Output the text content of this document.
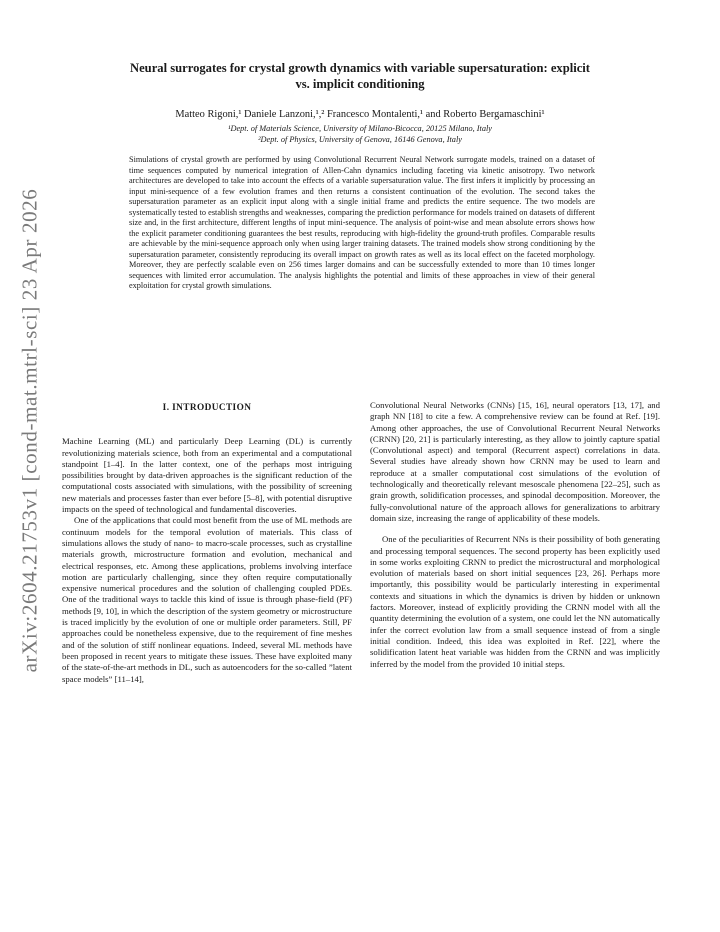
arXiv:2604.21753v1 [cond-mat.mtrl-sci] 23 Apr 2026
Neural surrogates for crystal growth dynamics with variable supersaturation: explicit
vs. implicit conditioning
Matteo Rigoni,¹ Daniele Lanzoni,¹,² Francesco Montalenti,¹ and Roberto Bergamaschini¹
¹Dept. of Materials Science, University of Milano-Bicocca, 20125 Milano, Italy
²Dept. of Physics, University of Genova, 16146 Genova, Italy

Simulations of crystal growth are performed by using Convolutional Recurrent Neural Network surrogate models, trained on a dataset of time sequences computed by numerical integration of Allen-Cahn dynamics including faceting via kinetic anisotropy. Two network architectures are developed to take into account the effects of a variable supersaturation value. The first infers it implicitly by processing an input mini-sequence of a few evolution frames and then returns a consistent continuation of the evolution. The second takes the supersaturation parameter as an explicit input along with a single initial frame and predicts the entire sequence. The two models are systematically tested to establish strengths and weaknesses, comparing the prediction performance for models trained on datasets of different size and, in the first architecture, different lengths of input mini-sequence. The analysis of point-wise and mean absolute errors shows how the explicit parameter conditioning guarantees the best results, reproducing with high-fidelity the ground-truth profiles. Comparable results are achievable by the mini-sequence approach only when using larger training datasets. The trained models show strong conditioning by the supersaturation parameter, consistently reproducing its overall impact on growth rates as well as its local effect on the faceted morphology. Moreover, they are perfectly scalable even on 256 times larger domains and can be successfully extended to more than 10 times longer sequences with limited error accumulation. The analysis highlights the potential and limits of these approaches in view of their general exploitation for crystal growth simulations.

I. INTRODUCTION

Machine Learning (ML) and particularly Deep Learning (DL) is currently revolutionizing materials science, both from an experimental and a computational standpoint [1–4]. In the latter context, one of the perhaps most intriguing possibilities brought by data-driven approaches is the significant reduction of the computational costs associated with simulations, with the possibility of screening new materials and processes faster than ever before [5–8], with potential disruptive impacts on the speed of technological and fundamental discoveries.

One of the applications that could most benefit from the use of ML methods are continuum models for the temporal evolution of materials. This class of simulations allows the study of nano- to macro-scale processes, such as crystalline materials growth, microstructure formation and evolution, mechanical and electrical responses, etc. Among these applications, problems involving interface motion are particularly challenging, since they often require computationally expensive numerical procedures and the solution of challenging coupled PDEs. One of the traditional ways to tackle this kind of issue is through phase-field (PF) methods [9, 10], in which the description of the system geometry or microstructure is traced implicitly by the evolution of one or multiple order parameters. Still, PF approaches could be nonetheless expensive, due to the requirement of fine meshes and of the solution of stiff nonlinear equations. Indeed, several ML methods have been proposed in recent years to mitigate these issues. These have exploited many of the state-of-the-art methods in DL, such as autoencoders for the so-called ”latent space models” [11–14],

Convolutional Neural Networks (CNNs) [15, 16], neural operators [13, 17], and graph NN [18] to cite a few. A comprehensive review can be found at Ref. [19]. Among other approaches, the use of Convolutional Recurrent Neural Networks (CRNN) [20, 21] is particularly interesting, as they allow to jointly capture spatial (Convolutional aspect) and temporal (Recurrent aspect) correlations in data. Several studies have already shown how CRNN may be used to learn and reproduce at a smaller computational cost simulations of the evolution of technologically and theoretically relevant mesoscale phenomena [22–25], such as grain growth, solidification processes, and spinodal decomposition. Moreover, the fully-convolutional nature of the approach allows for generalizations to arbitrary domain size, increasing the range of applicability of these models.

One of the peculiarities of Recurrent NNs is their possibility of both generating and processing temporal sequences. The second property has been explicitly used in some works exploiting CRNN to predict the microstructural and morphological evolution of materials based on short initial sequences [23, 26]. Perhaps more importantly, this possibility would be particularly interesting in experimental contexts and situations in which the dynamics is driven by hidden or unknown factors. Moreover, instead of explicitly providing the CRNN model with all the quantity determining the evolution of a system, one could let the NN automatically infer the correct evolution law from a small sequence instead of from a single initial condition. Indeed, this idea was exploited in Ref. [22], where the solidification latent heat variable was hidden from the CRNN and was implicitly inferred by the model from the provided 10 initial steps.
